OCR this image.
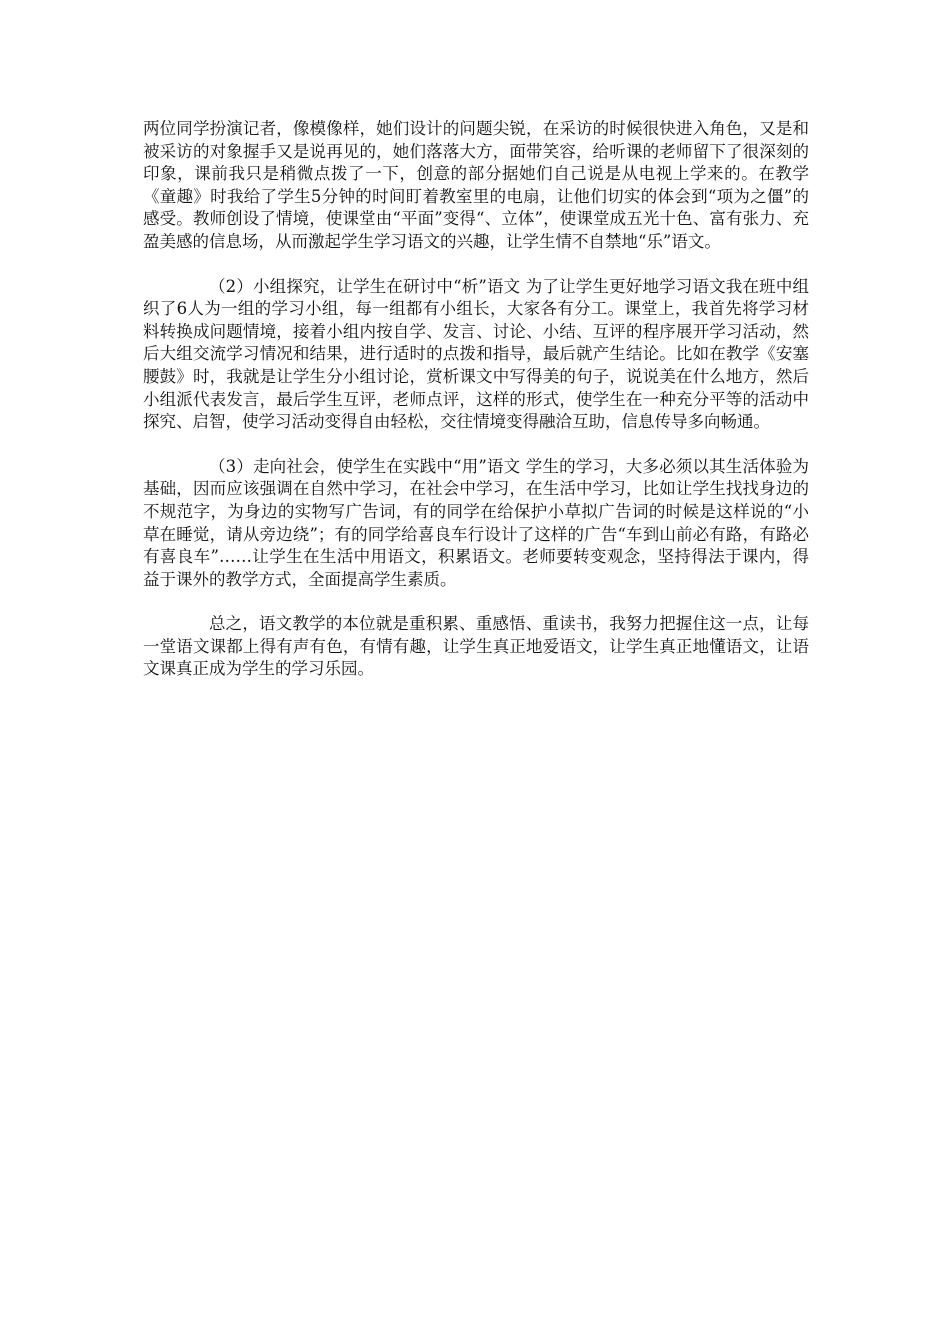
两位同学扮演记者，像模像样，她们设计的问题尖锐，在采访的时候很快进入角色，又是和被采访的对象握手又是说再见的，她们落落大方，面带笑容，给听课的老师留下了很深刻的印象，课前我只是稍微点拨了一下，创意的部分据她们自己说是从电视上学来的。在教学《童趣》时我给了学生5分钟的时间盯着教室里的电扇，让他们切实的体会到“项为之僵”的感受。教师创设了情境，使课堂由“平面”变得“、立体”，使课堂成五光十色、富有张力、充盈美感的信息场，从而激起学生学习语文的兴趣，让学生情不自禁地“乐”语文。

（2）小组探究，让学生在研讨中“析”语文 为了让学生更好地学习语文我在班中组织了6人为一组的学习小组，每一组都有小组长，大家各有分工。课堂上，我首先将学习材料转换成问题情境，接着小组内按自学、发言、讨论、小结、互评的程序展开学习活动，然后大组交流学习情况和结果，进行适时的点拨和指导，最后就产生结论。比如在教学《安塞腰鼓》时，我就是让学生分小组讨论，赏析课文中写得美的句子，说说美在什么地方，然后小组派代表发言，最后学生互评，老师点评，这样的形式，使学生在一种充分平等的活动中探究、启智，使学习活动变得自由轻松，交往情境变得融洽互助，信息传导多向畅通。

（3）走向社会，使学生在实践中“用”语文 学生的学习，大多必须以其生活体验为基础，因而应该强调在自然中学习，在社会中学习，在生活中学习，比如让学生找找身边的不规范字，为身边的实物写广告词，有的同学在给保护小草拟广告词的时候是这样说的“小草在睡觉，请从旁边绕”；有的同学给喜良车行设计了这样的广告“车到山前必有路，有路必有喜良车”……让学生在生活中用语文，积累语文。老师要转变观念，坚持得法于课内，得益于课外的教学方式，全面提高学生素质。

总之，语文教学的本位就是重积累、重感悟、重读书，我努力把握住这一点，让每一堂语文课都上得有声有色，有情有趣，让学生真正地爱语文，让学生真正地懂语文，让语文课真正成为学生的学习乐园。
